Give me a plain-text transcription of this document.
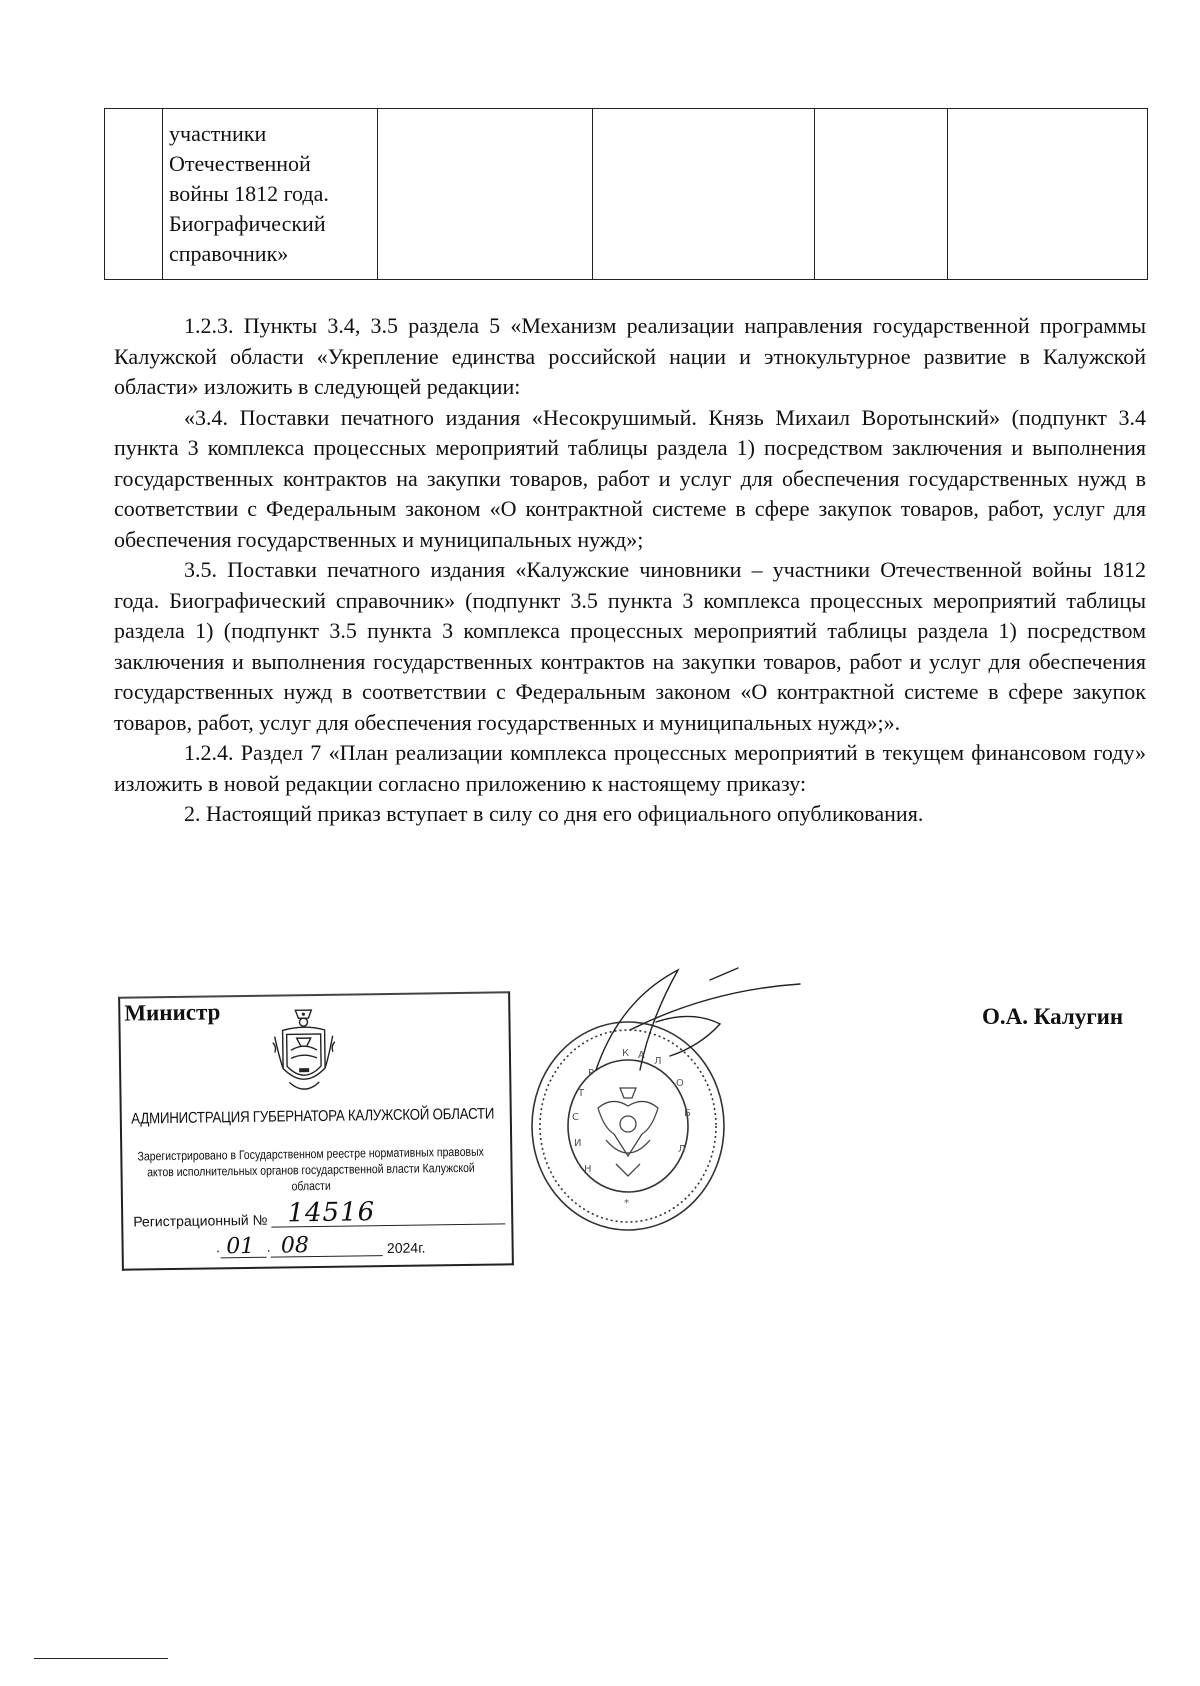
участники
Отечественной
войны 1812 года.
Биографический
справочник»

1.2.3. Пункты 3.4, 3.5 раздела 5 «Механизм реализации направления государственной программы Калужской области «Укрепление единства российской нации и этнокультурное развитие в Калужской области» изложить в следующей редакции:

«3.4. Поставки печатного издания «Несокрушимый. Князь Михаил Воротынский» (подпункт 3.4 пункта 3 комплекса процессных мероприятий таблицы раздела 1) посредством заключения и выполнения государственных контрактов на закупки товаров, работ и услуг для обеспечения государственных нужд в соответствии с Федеральным законом «О контрактной системе в сфере закупок товаров, работ, услуг для обеспечения государственных и муниципальных нужд»;

3.5. Поставки печатного издания «Калужские чиновники – участники Отечественной войны 1812 года. Биографический справочник» (подпункт 3.5 пункта 3 комплекса процессных мероприятий таблицы раздела 1) (подпункт 3.5 пункта 3 комплекса процессных мероприятий таблицы раздела 1) посредством заключения и выполнения государственных контрактов на закупки товаров, работ и услуг для обеспечения государственных нужд в соответствии с Федеральным законом «О контрактной системе в сфере закупок товаров, работ, услуг для обеспечения государственных и муниципальных нужд»;».

1.2.4. Раздел 7 «План реализации комплекса процессных мероприятий в текущем финансовом году» изложить в новой редакции согласно приложению к настоящему приказу:

2. Настоящий приказ вступает в силу со дня его официального опубликования.

Министр
АДМИНИСТРАЦИЯ ГУБЕРНАТОРА КАЛУЖСКОЙ ОБЛАСТИ
Зарегистрировано в Государственном реестре нормативных правовых актов исполнительных органов государственной власти Калужской области
Регистрационный № 14516
· 01 · 08	2024г.
К А
Л
Р
Т
С
И
Н
О
Б
Л
*
О.А. Калугин
